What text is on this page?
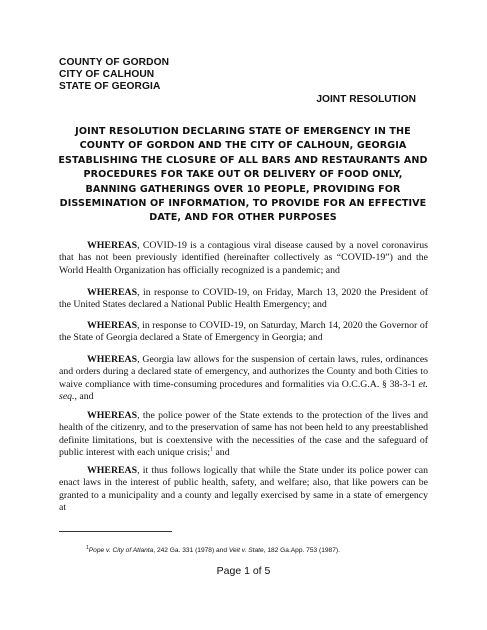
COUNTY OF GORDON
CITY OF CALHOUN
STATE OF GEORGIA
JOINT RESOLUTION
JOINT RESOLUTION DECLARING STATE OF EMERGENCY IN THE COUNTY OF GORDON AND THE CITY OF CALHOUN, GEORGIA ESTABLISHING THE CLOSURE OF ALL BARS AND RESTAURANTS AND PROCEDURES FOR TAKE OUT OR DELIVERY OF FOOD ONLY, BANNING GATHERINGS OVER 10 PEOPLE, PROVIDING FOR DISSEMINATION OF INFORMATION, TO PROVIDE FOR AN EFFECTIVE DATE, AND FOR OTHER PURPOSES

WHEREAS, COVID-19 is a contagious viral disease caused by a novel coronavirus that has not been previously identified (hereinafter collectively as “COVID-19”) and the World Health Organization has officially recognized is a pandemic; and

WHEREAS, in response to COVID-19, on Friday, March 13, 2020 the President of the United States declared a National Public Health Emergency; and

WHEREAS, in response to COVID-19, on Saturday, March 14, 2020 the Governor of the State of Georgia declared a State of Emergency in Georgia; and

WHEREAS, Georgia law allows for the suspension of certain laws, rules, ordinances and orders during a declared state of emergency, and authorizes the County and both Cities to waive compliance with time-consuming procedures and formalities via O.C.G.A. § 38-3-1 et. seq., and

WHEREAS, the police power of the State extends to the protection of the lives and health of the citizenry, and to the preservation of same has not been held to any preestablished definite limitations, but is coextensive with the necessities of the case and the safeguard of public interest with each unique crisis;$^1$ and

WHEREAS, it thus follows logically that while the State under its police power can enact laws in the interest of public health, safety, and welfare; also, that like powers can be granted to a municipality and a county and legally exercised by same in a state of emergency at

$^1$Pope v. City of Atlanta, 242 Ga. 331 (1978) and Veit v. State, 182 Ga.App. 753 (1987).
Page 1 of 5
